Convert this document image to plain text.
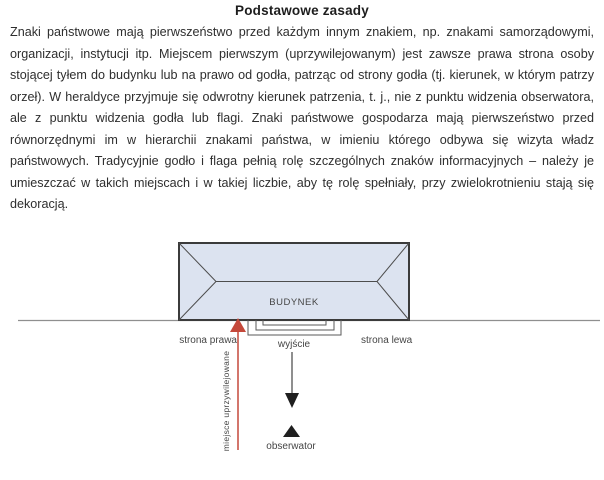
Podstawowe zasady

Znaki państwowe mają pierwszeństwo przed każdym innym znakiem, np. znakami samorządowymi, organizacji, instytucji itp. Miejscem pierwszym (uprzywilejowanym) jest zawsze prawa strona osoby stojącej tyłem do budynku lub na prawo od godła, patrząc od strony godła (tj. kierunek, w którym patrzy orzeł). W heraldyce przyjmuje się odwrotny kierunek patrzenia, t. j., nie z punktu widzenia obserwatora, ale z punktu widzenia godła lub flagi. Znaki państwowe gospodarza mają pierwszeństwo przed równorzędnymi im w hierarchii znakami państwa, w imieniu którego odbywa się wizyta władz państwowych. Tradycyjnie godło i flaga pełnią rolę szczególnych znaków informacyjnych – należy je umieszczać w takich miejscach i w takiej liczbie, aby tę rolę spełniały, przy zwielokrotnieniu stają się dekoracją.

BUDYNEK
wyjście
strona prawa	strona lewa
miejsce uprzywilejowane	obserwator
